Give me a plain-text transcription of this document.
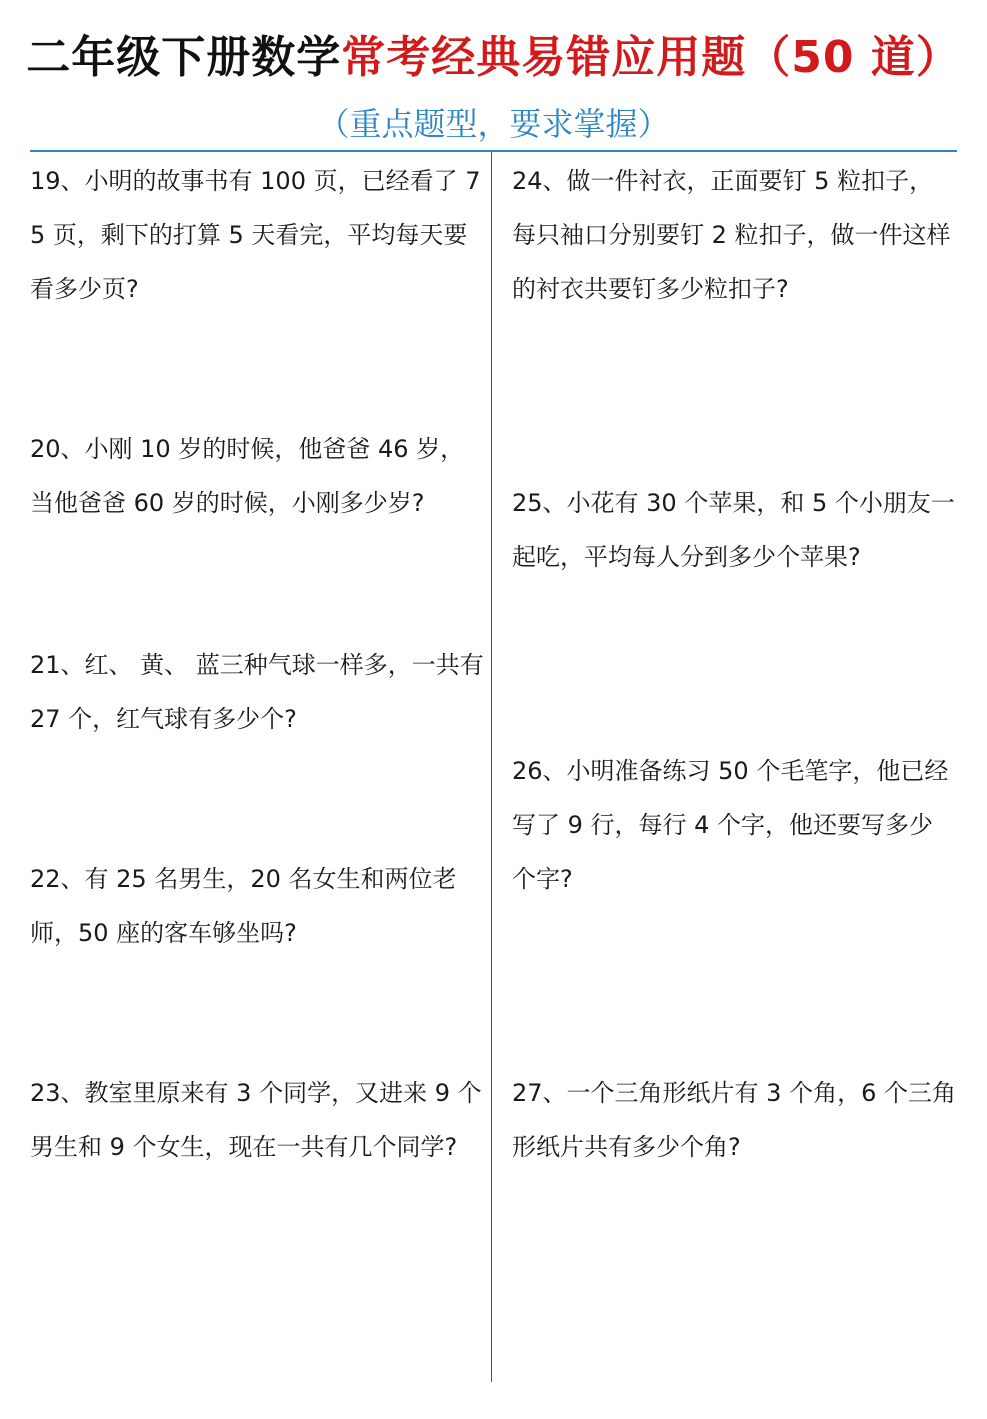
二年级下册数学常考经典易错应用题（50 道）
（重点题型，要求掌握）
19、小明的故事书有 100 页，已经看了 75 页，剩下的打算 5 天看完，平均每天要看多少页?
20、小刚 10 岁的时候，他爸爸 46 岁，当他爸爸 60 岁的时候，小刚多少岁?
21、红、 黄、 蓝三种气球一样多，一共有 27 个，红气球有多少个?
22、有 25 名男生，20 名女生和两位老师，50 座的客车够坐吗?
23、教室里原来有 3 个同学，又进来 9 个男生和 9 个女生，现在一共有几个同学?
24、做一件衬衣，正面要钉 5 粒扣子，每只袖口分别要钉 2 粒扣子，做一件这样的衬衣共要钉多少粒扣子?
25、小花有 30 个苹果，和 5 个小朋友一起吃，平均每人分到多少个苹果?
26、小明准备练习 50 个毛笔字，他已经写了 9 行，每行 4 个字，他还要写多少个字?
27、一个三角形纸片有 3 个角，6 个三角形纸片共有多少个角?
